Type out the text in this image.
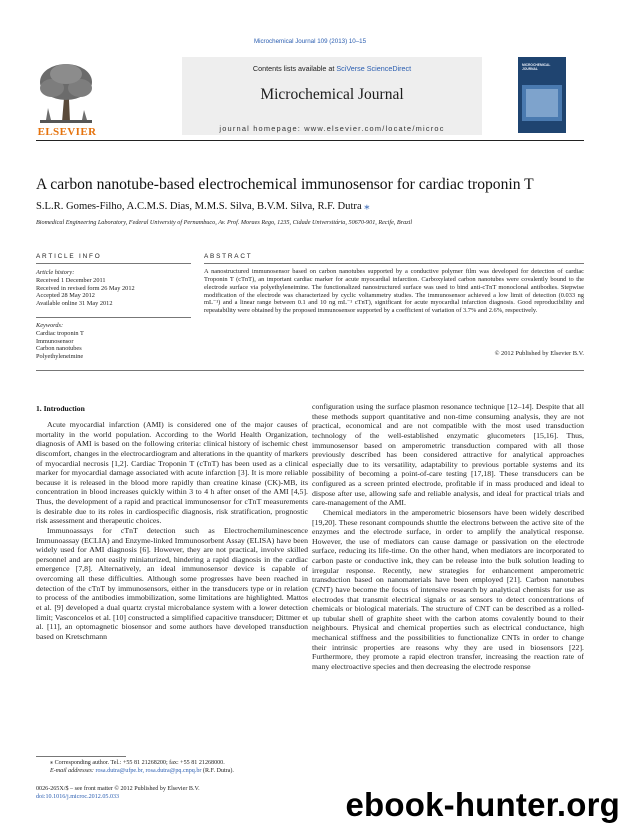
Microchemical Journal 109 (2013) 10–15
Contents lists available at SciVerse ScienceDirect
Microchemical Journal
journal homepage: www.elsevier.com/locate/microc
ELSEVIER
MICROCHEMICAL JOURNAL
A carbon nanotube-based electrochemical immunosensor for cardiac troponin T
S.L.R. Gomes-Filho, A.C.M.S. Dias, M.M.S. Silva, B.V.M. Silva, R.F. Dutra ⁎
Biomedical Engineering Laboratory, Federal University of Pernambuco, Av. Prof. Moraes Rego, 1235, Cidade Universitária, 50670-901, Recife, Brazil
ARTICLE INFO	ABSTRACT
Article history:
Received 1 December 2011
Received in revised form 26 May 2012
Accepted 28 May 2012
Available online 31 May 2012
Keywords:
Cardiac troponin T
Immunosensor
Carbon nanotubes
Polyethyleneimine
A nanostructured immunosensor based on carbon nanotubes supported by a conductive polymer film was developed for detection of cardiac Troponin T (cTnT), an important cardiac marker for acute myocardial infarction. Carboxylated carbon nanotubes were covalently bound to the electrode surface via polyethyleneimine. The functionalized nanostructured surface was used to bind anti-cTnT monoclonal antibodies. Stepwise modification of the electrode was characterized by cyclic voltammetry studies. The immunosensor achieved a low limit of detection (0.033 ng mL⁻¹) and a linear range between 0.1 and 10 ng mL⁻¹ cTnT), significant for acute myocardial infarction diagnosis. Good reproducibility and repeatability were obtained by the proposed immunosensor supported by a coefficient of variation of 3.7% and 2.6%, respectively.
© 2012 Published by Elsevier B.V.
1. Introduction

Acute myocardial infarction (AMI) is considered one of the major causes of mortality in the world population. According to the World Health Organization, diagnosis of AMI is based on the following criteria: clinical history of ischemic chest discomfort, changes in the electrocardiogram and alterations in the quantity of markers of myocardial necrosis [1,2]. Cardiac Troponin T (cTnT) has been used as a clinical marker for myocardial damage associated with acute infarction [3]. It is more reliable because it is released in the blood more rapidly than creatine kinase (CK)-MB, its concentration in blood increases quickly within 3 to 4 h after onset of the AMI [4,5]. Thus, the development of a rapid and practical immunosensor for cTnT measurements is desirable due to its roles in cardiospecific diagnosis, risk stratification, prognostic risk assessment and therapeutic choices.

Immunoassays for cTnT detection such as Electrochemiluminescence Immunoassay (ECLIA) and Enzyme-linked Immunosorbent Assay (ELISA) have been widely used for AMI diagnosis [6]. However, they are not practical, involve skilled personnel and are not easily miniaturized, hindering a rapid diagnosis in the cardiac emergence [7,8]. Alternatively, an ideal immunosensor device is capable of overcoming all these difficulties. Although some progresses have been reached in detection of the cTnT by immunosensors, either in the transducers type or in relation to process of the antibodies immobilization, some limitations are highlighted. Mattos et al. [9] developed a dual quartz crystal microbalance system with a lower detection limit; Vasconcelos et al. [10] constructed a simplified capacitive transducer; Dittmer et al. [11], an optomagnetic biosensor and some authors have developed transduction based on Kretschmann

configuration using the surface plasmon resonance technique [12–14]. Despite that all these methods support quantitative and non-time consuming analysis, they are not practical, economical and are not compatible with the most used transduction technology of the well-established enzymatic glucometers [15,16]. Thus, immunosensor based on amperometric transduction compared with all those previously described has been considered attractive for analytical approaches especially due to its versatility, adaptability to previous portable systems and its possibility of becoming a point-of-care testing [17,18]. These transducers can be configured as a screen printed electrode, profitable if in mass produced and ideal to dispose after use, allowing safe and reliable analysis, and ideal for practical trials and care-management of the AMI.

Chemical mediators in the amperometric biosensors have been widely described [19,20]. These resonant compounds shuttle the electrons between the active site of the enzymes and the electrode surface, in order to amplify the analytical response. However, the use of mediators can cause damage or passivation on the electrode surface, reducing its life-time. On the other hand, when mediators are incorporated to carbon paste or conductive ink, they can be release into the bulk solution leading to irregular response. Recently, new strategies for enhancement amperometric transduction based on nanomaterials have been employed [21]. Carbon nanotubes (CNT) have become the focus of intensive research by analytical chemists for use as electrodes that transmit electrical signals or as sensors to detect concentrations of chemicals or biological materials. The structure of CNT can be described as a rolled-up tubular shell of graphite sheet with the carbon atoms covalently bound to their neighbours. Physical and chemical properties such as electrical conductance, high mechanical stiffness and the possibilities to functionalize CNTs in order to change their intrinsic properties are reasons why they are used in biosensors [22]. Furthermore, they promote a rapid electron transfer, increasing the reaction rate of many electroactive species and then decreasing the electrode response

⁎ Corresponding author. Tel.: +55 81 21268200; fax: +55 81 21268000.
E-mail addresses: rosa.dutra@ufpe.br, rosa.dutra@pq.cnpq.br (R.F. Dutra).
0026-265X/$ – see front matter © 2012 Published by Elsevier B.V.
doi:10.1016/j.microc.2012.05.033	ebook-hunter.org
